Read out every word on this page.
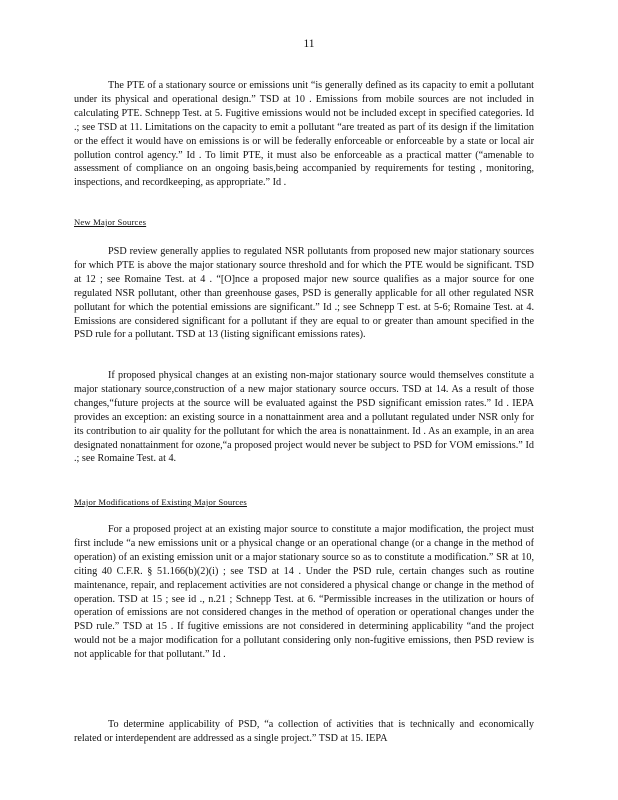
11

The PTE of a stationary source or emissions unit “is generally defined as its capacity to emit a pollutant under its physical and operational design.” TSD at 10 . Emissions from mobile sources are not included in calculating PTE. Schnepp Test. at 5. Fugitive emissions would not be included except in specified categories. Id .; see TSD at 11. Limitations on the capacity to emit a pollutant “are treated as part of its design if the limitation or the effect it would have on emissions is or will be federally enforceable or enforceable by a state or local air pollution control agency.” Id . To limit PTE, it must also be enforceable as a practical matter (“amenable to assessment of compliance on an ongoing basis,being accompanied by requirements for testing , monitoring, inspections, and recordkeeping, as appropriate.” Id .

New Major Sources

PSD review generally applies to regulated NSR pollutants from proposed new major stationary sources for which PTE is above the major stationary source threshold and for which the PTE would be significant. TSD at 12 ; see Romaine Test. at 4 . “[O]nce a proposed major new source qualifies as a major source for one regulated NSR pollutant, other than greenhouse gases, PSD is generally applicable for all other regulated NSR pollutant for which the potential emissions are significant.” Id .; see Schnepp T est. at 5-6; Romaine Test. at 4. Emissions are considered significant for a pollutant if they are equal to or greater than amount specified in the PSD rule for a pollutant. TSD at 13 (listing significant emissions rates).

If proposed physical changes at an existing non-major stationary source would themselves constitute a major stationary source,construction of a new major stationary source occurs. TSD at 14. As a result of those changes,“future projects at the source will be evaluated against the PSD significant emission rates.” Id . IEPA provides an exception: an existing source in a nonattainment area and a pollutant regulated under NSR only for its contribution to air quality for the pollutant for which the area is nonattainment. Id . As an example, in an area designated nonattainment for ozone,“a proposed project would never be subject to PSD for VOM emissions.” Id .; see Romaine Test. at 4.

Major Modifications of Existing Major Sources

For a proposed project at an existing major source to constitute a major modification, the project must first include “a new emissions unit or a physical change or an operational change (or a change in the method of operation) of an existing emission unit or a major stationary source so as to constitute a modification.” SR at 10, citing 40 C.F.R. § 51.166(b)(2)(i) ; see TSD at 14 . Under the PSD rule, certain changes such as routine maintenance, repair, and replacement activities are not considered a physical change or change in the method of operation. TSD at 15 ; see id ., n.21 ; Schnepp Test. at 6. “Permissible increases in the utilization or hours of operation of emissions are not considered changes in the method of operation or operational changes under the PSD rule.” TSD at 15 . If fugitive emissions are not considered in determining applicability “and the project would not be a major modification for a pollutant considering only non-fugitive emissions, then PSD review is not applicable for that pollutant.” Id .

To determine applicability of PSD, “a collection of activities that is technically and economically related or interdependent are addressed as a single project.” TSD at 15. IEPA
